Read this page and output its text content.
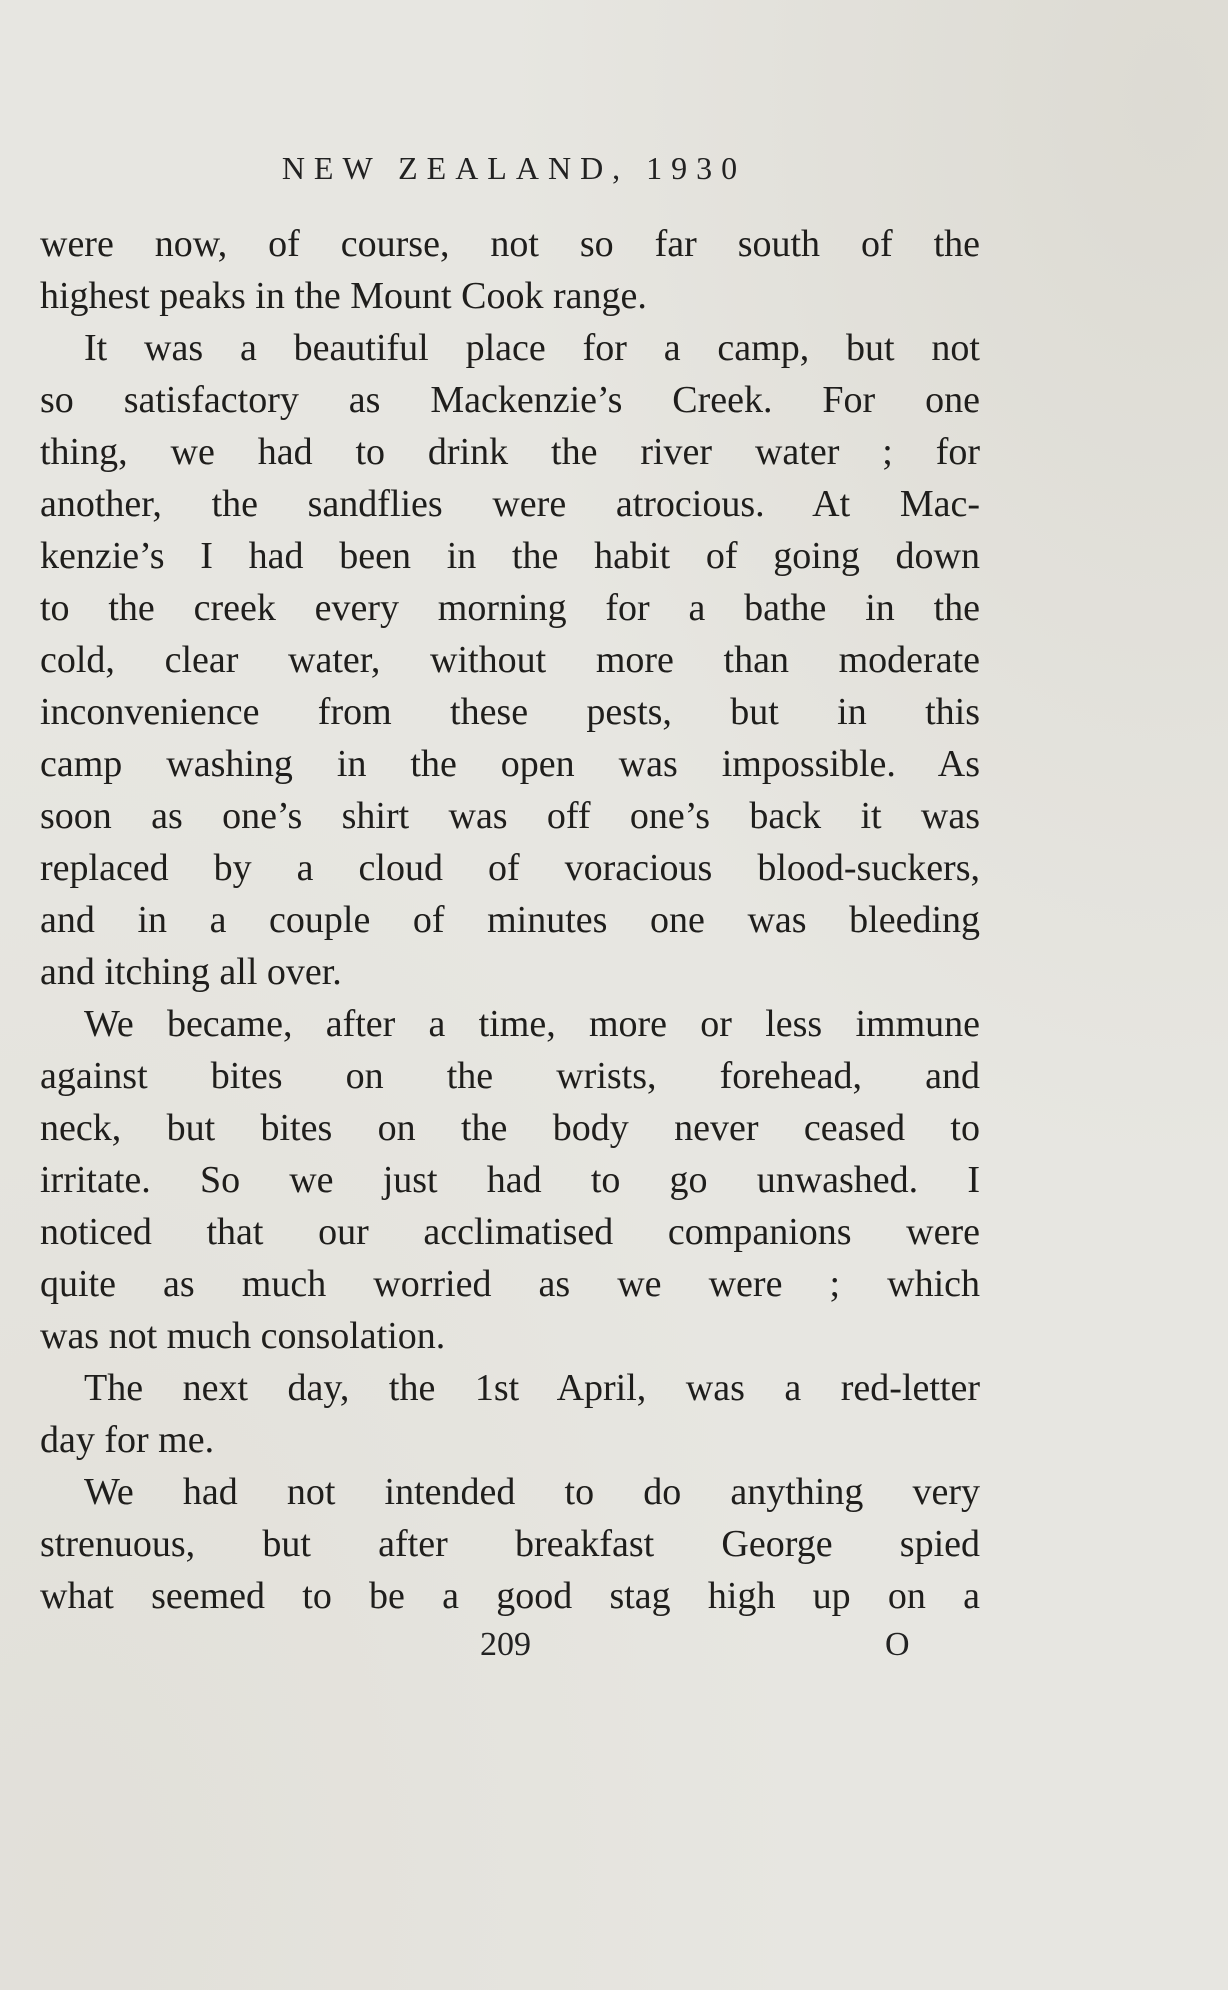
NEW ZEALAND, 1930
were now, of course, not so far south of the
highest peaks in the Mount Cook range.
It was a beautiful place for a camp, but not
so satisfactory as Mackenzie’s Creek. For one
thing, we had to drink the river water ; for
another, the sandflies were atrocious. At Mac-
kenzie’s I had been in the habit of going down
to the creek every morning for a bathe in the
cold, clear water, without more than moderate
inconvenience from these pests, but in this
camp washing in the open was impossible. As
soon as one’s shirt was off one’s back it was
replaced by a cloud of voracious blood-suckers,
and in a couple of minutes one was bleeding
and itching all over.
We became, after a time, more or less immune
against bites on the wrists, forehead, and
neck, but bites on the body never ceased to
irritate. So we just had to go unwashed. I
noticed that our acclimatised companions were
quite as much worried as we were ; which
was not much consolation.
The next day, the 1st April, was a red-letter
day for me.
We had not intended to do anything very
strenuous, but after breakfast George spied
what seemed to be a good stag high up on a
209	O
